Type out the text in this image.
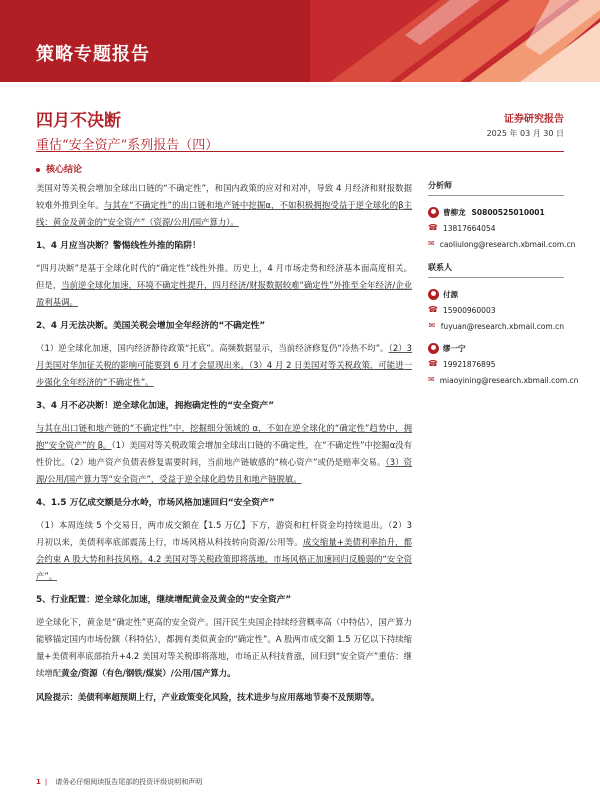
策略专题报告
四月不决断
重估“安全资产”系列报告（四）
证券研究报告
2025 年 03 月 30 日
核心结论

美国对等关税会增加全球出口链的“不确定性”，和国内政策的应对和对冲，导致 4 月经济和财报数据较难外推到全年。与其在“不确定性”的出口链和地产链中挖掘α，不如积极拥抱受益于逆全球化的β主线：黄金及黄金的“安全资产”（资源/公用/国产算力）。

1、4 月应当决断？警惕线性外推的陷阱！

“四月决断”是基于全球化时代的“确定性”线性外推。历史上，4 月市场走势和经济基本面高度相关。但是，当前逆全球化加速，环境不确定性提升，四月经济/财报数据较难“确定性”外推至全年经济/企业盈利基调。

2、4 月无法决断。美国关税会增加全年经济的“不确定性”

（1）逆全球化加速，国内经济静待政策“托底”。高频数据显示，当前经济修复仍“冷热不均”。（2）3 月美国对华加征关税的影响可能要到 6 月才会显现出来。（3）4 月 2 日美国对等关税政策，可能进一步强化全年经济的“不确定性”。

3、4 月不必决断！逆全球化加速，拥抱确定性的“安全资产”

与其在出口链和地产链的“不确定性”中，挖掘细分领域的 α，不如在逆全球化的“确定性”趋势中，拥抱“安全资产”的 β。（1）美国对等关税政策会增加全球出口链的不确定性，在“不确定性”中挖掘α没有性价比。（2）地产资产负债表修复需要时间，当前地产链敏感的“核心资产”或仍是赔率交易。（3）资源/公用/国产算力等“安全资产”，受益于逆全球化趋势且和地产链脱敏。

4、1.5 万亿成交额是分水岭，市场风格加速回归“安全资产”

（1）本周连续 5 个交易日，两市成交额在【1.5 万亿】下方，游资和杠杆资金均持续退出。（2）3 月初以来，美债利率底部震荡上行，市场风格从科技转向资源/公用等。成交缩量+美债利率抬升，都会约束 A 股大势和科技风格。4.2 美国对等关税政策即将落地，市场风格正加速回归反脆弱的“安全资产”。

5、行业配置：逆全球化加速，继续增配黄金及黄金的“安全资产”

逆全球化下，黄金是“确定性”更高的安全资产。国汗民生央国企持续经营概率高（中特估），国产算力能够锚定国内市场份额（科特估），都拥有类似黄金的“确定性”。A 股两市成交额 1.5 万亿以下持续缩量+美债利率底部抬升+4.2 美国对等关税即将落地，市场正从科技普涨，回归到“安全资产”重估：继续增配黄金/资源（有色/钢铁/煤炭）/公用/国产算力。

风险提示：美债利率超预期上行，产业政策变化风险，技术进步与应用落地节奏不及预期等。

分析师
曹柳龙 S0800525010001
☎ 13817664054
✉ caoliulong@research.xbmail.com.cn
联系人
付源
☎ 15900960003
✉ fuyuan@research.xbmail.com.cn
缪一宁
☎ 19921876895
✉ miaoyining@research.xbmail.com.cn
1 | 请务必仔细阅读报告尾部的投资评级说明和声明
